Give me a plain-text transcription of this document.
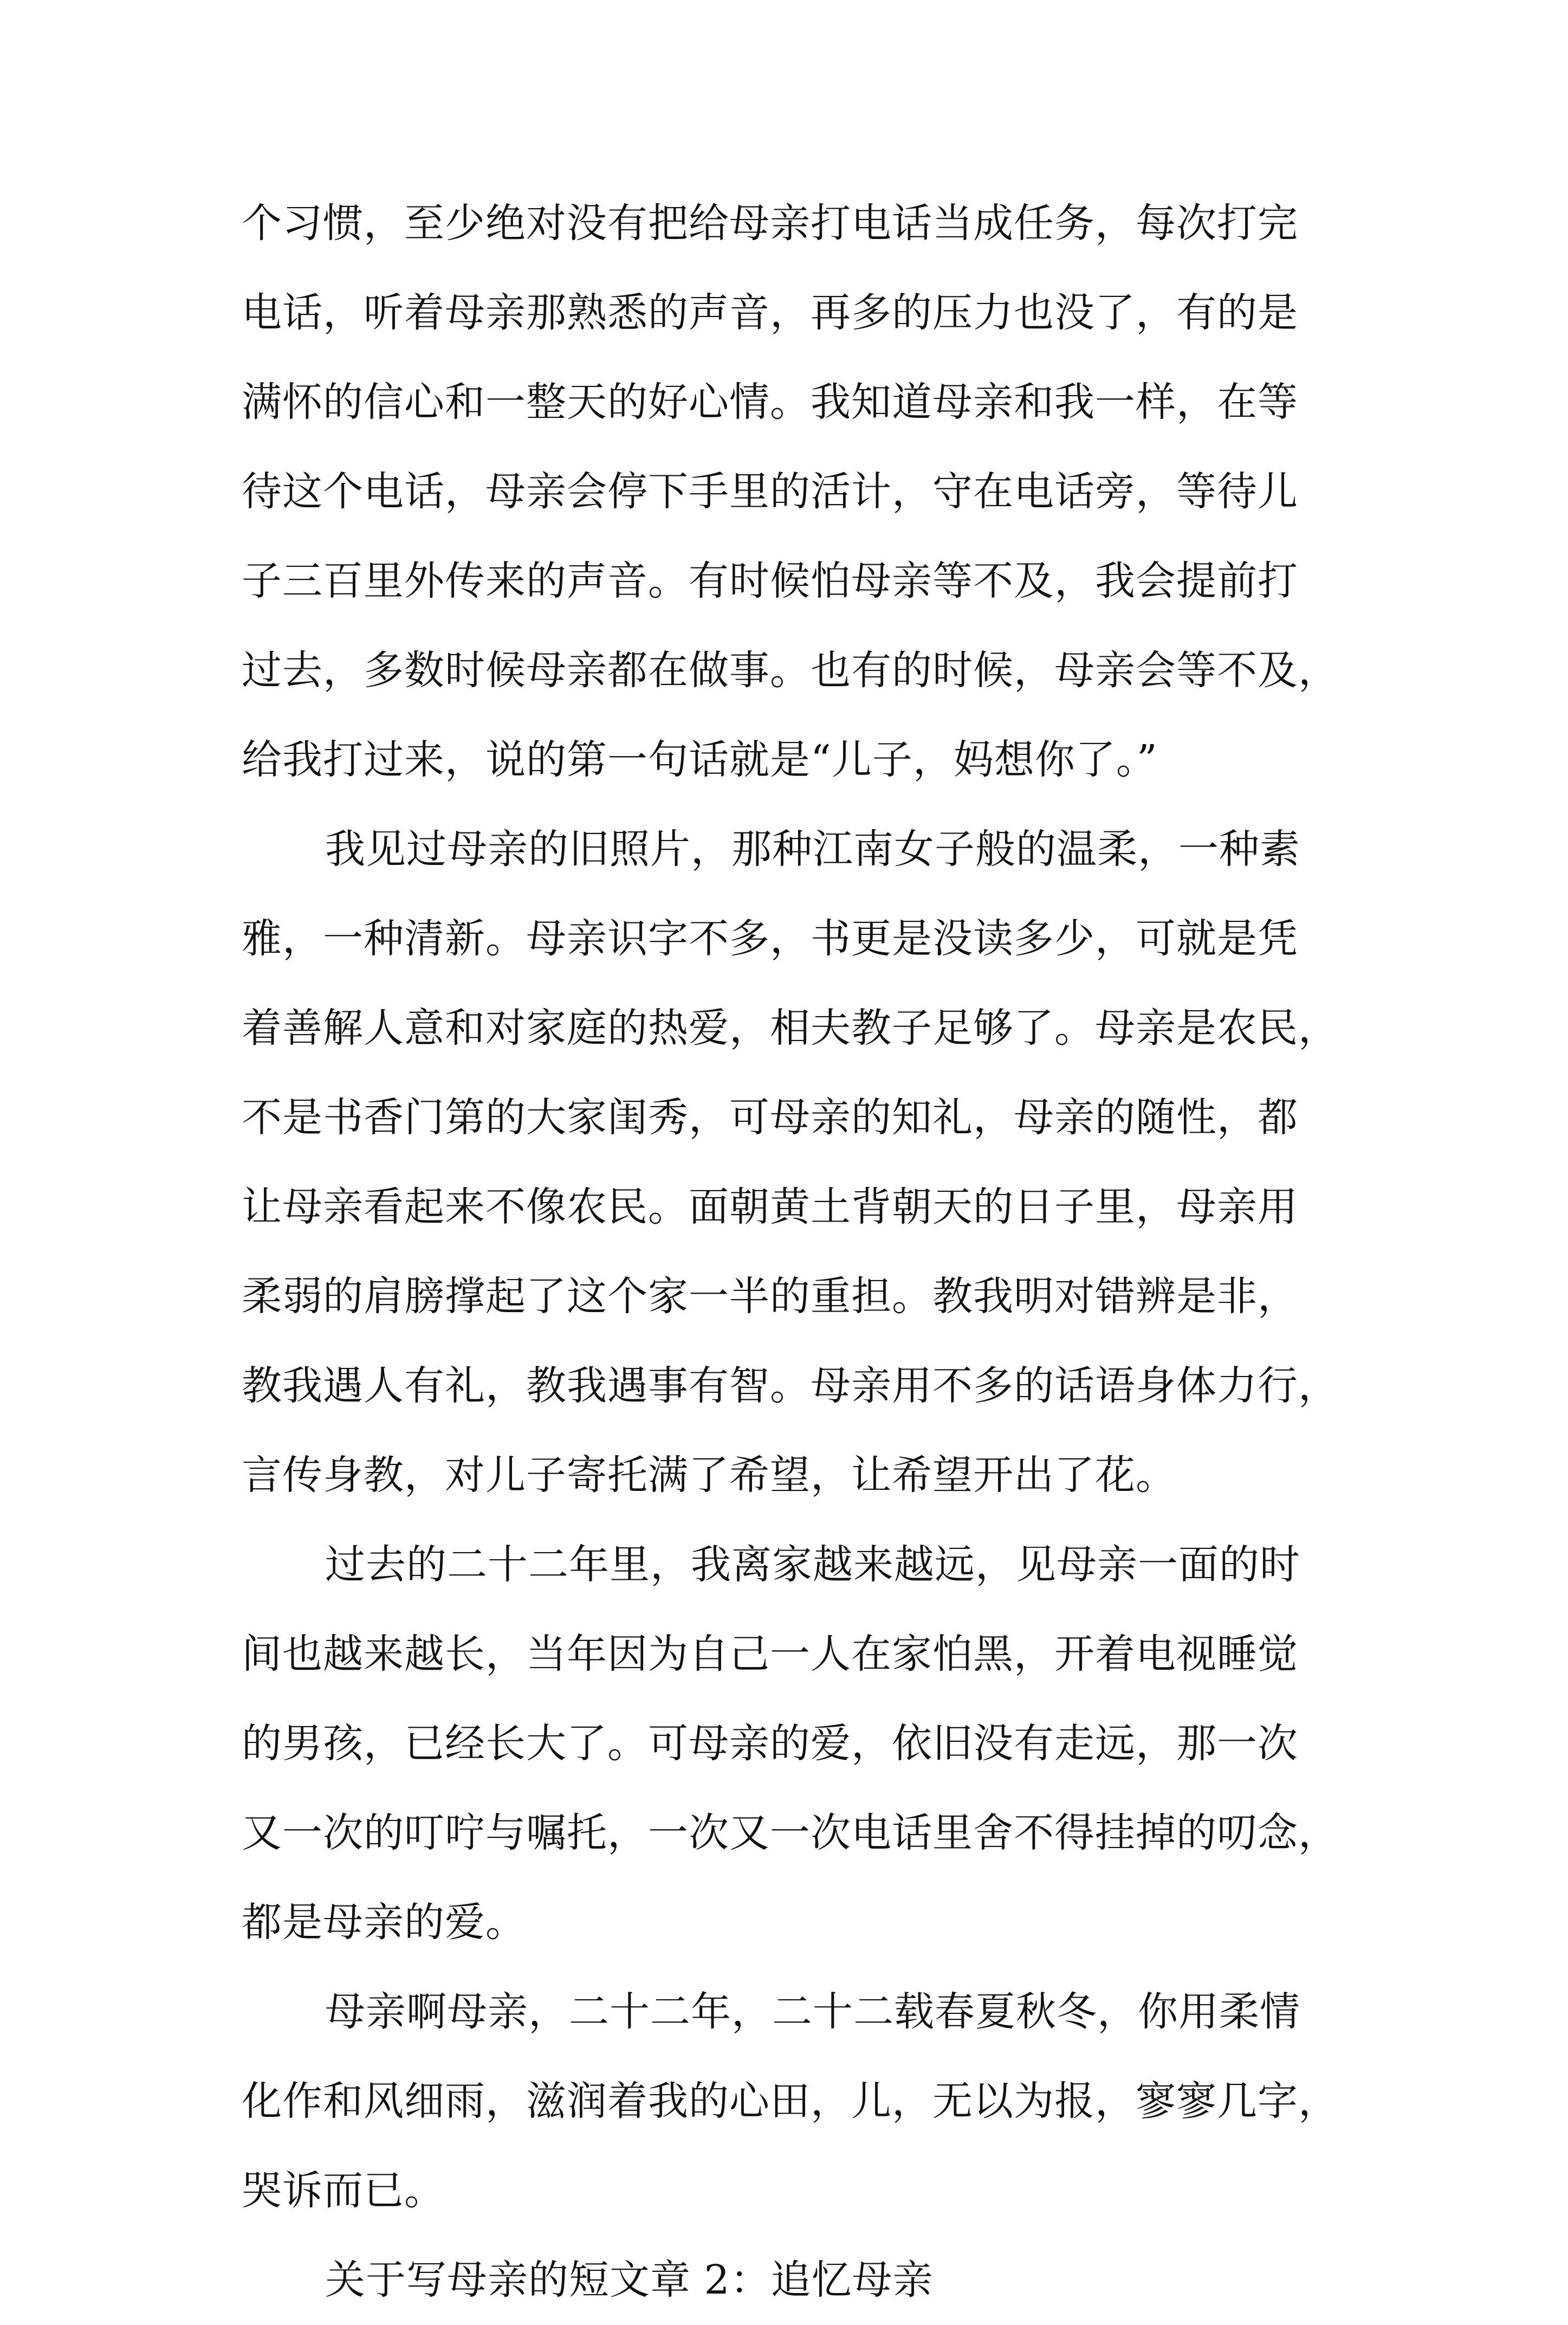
个习惯，至少绝对没有把给母亲打电话当成任务，每次打完
电话，听着母亲那熟悉的声音，再多的压力也没了，有的是
满怀的信心和一整天的好心情。我知道母亲和我一样，在等
待这个电话，母亲会停下手里的活计，守在电话旁，等待儿
子三百里外传来的声音。有时候怕母亲等不及，我会提前打
过去，多数时候母亲都在做事。也有的时候，母亲会等不及，
给我打过来，说的第一句话就是“儿子，妈想你了。”
我见过母亲的旧照片，那种江南女子般的温柔，一种素
雅，一种清新。母亲识字不多，书更是没读多少，可就是凭
着善解人意和对家庭的热爱，相夫教子足够了。母亲是农民，
不是书香门第的大家闺秀，可母亲的知礼，母亲的随性，都
让母亲看起来不像农民。面朝黄土背朝天的日子里，母亲用
柔弱的肩膀撑起了这个家一半的重担。教我明对错辨是非，
教我遇人有礼，教我遇事有智。母亲用不多的话语身体力行，
言传身教，对儿子寄托满了希望，让希望开出了花。
过去的二十二年里，我离家越来越远，见母亲一面的时
间也越来越长，当年因为自己一人在家怕黑，开着电视睡觉
的男孩，已经长大了。可母亲的爱，依旧没有走远，那一次
又一次的叮咛与嘱托，一次又一次电话里舍不得挂掉的叨念，
都是母亲的爱。
母亲啊母亲，二十二年，二十二载春夏秋冬，你用柔情
化作和风细雨，滋润着我的心田，儿，无以为报，寥寥几字，
哭诉而已。
关于写母亲的短文章 2：追忆母亲
